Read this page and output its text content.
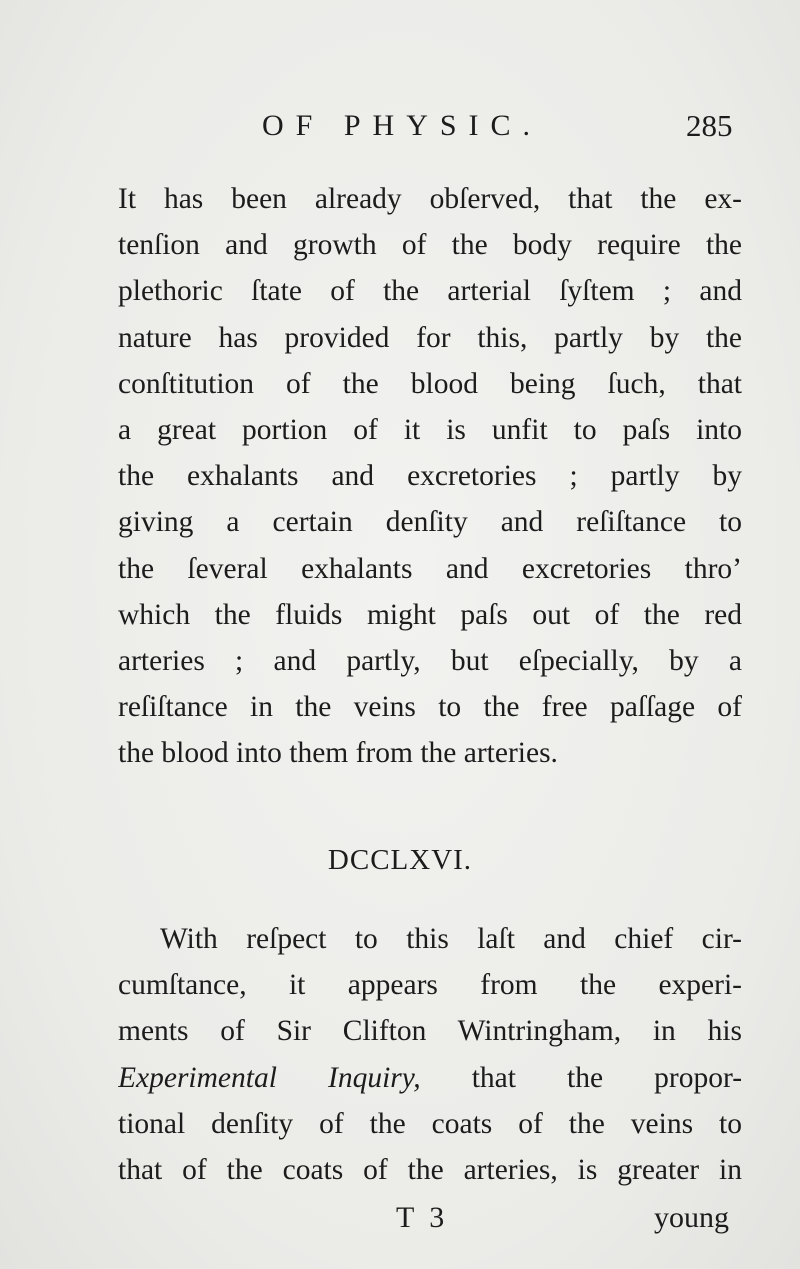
OF PHYSIC.	285
It has been already obſerved, that the ex-
tenſion and growth of the body require the
plethoric ſtate of the arterial ſyſtem ; and
nature has provided for this, partly by the
conſtitution of the blood being ſuch, that
a great portion of it is unfit to paſs into
the exhalants and excretories ; partly by
giving a certain denſity and reſiſtance to
the ſeveral exhalants and excretories thro’
which the fluids might paſs out of the red
arteries ; and partly, but eſpecially, by a
reſiſtance in the veins to the free paſſage of
the blood into them from the arteries.
DCCLXVI.
With reſpect to this laſt and chief cir-
cumſtance, it appears from the experi-
ments of Sir Clifton Wintringham, in his
Experimental Inquiry, that the propor-
tional denſity of the coats of the veins to
that of the coats of the arteries, is greater in
T 3	young
